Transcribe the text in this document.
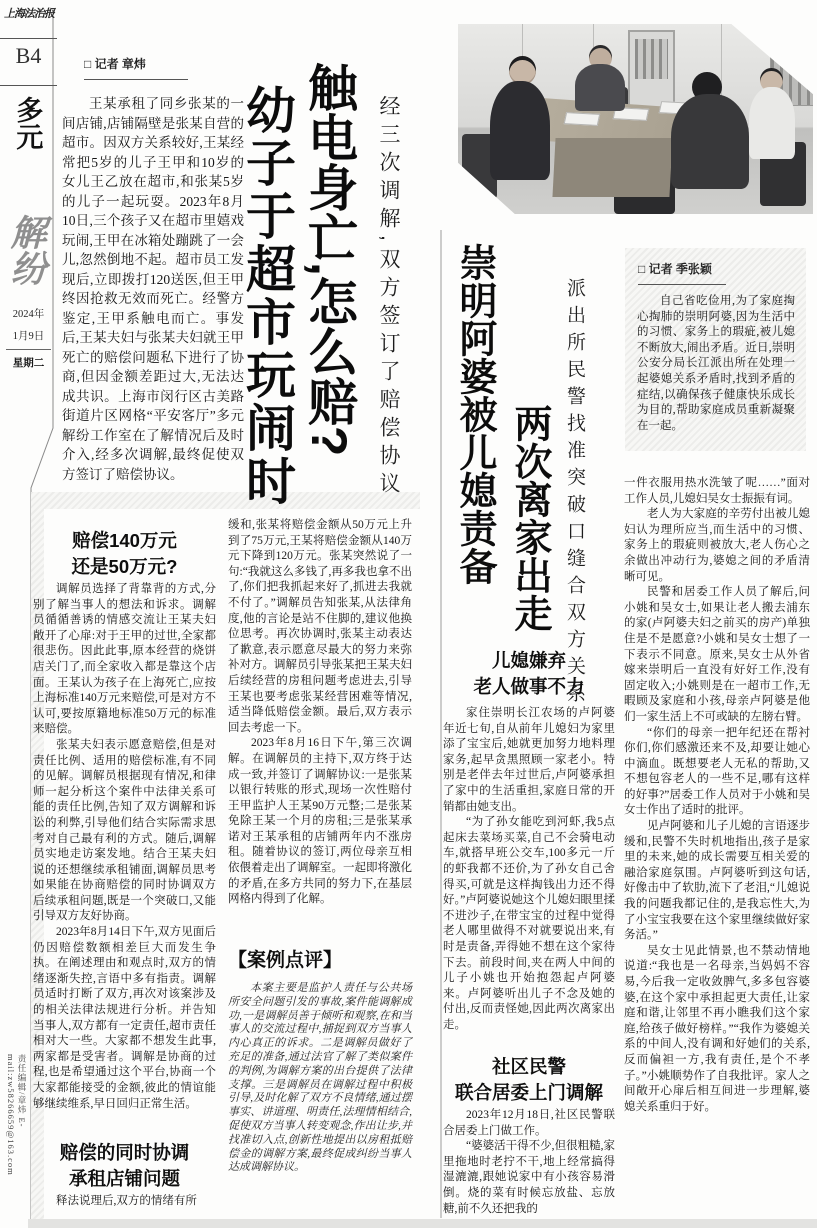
上海法治报
B4
多元
解纷
2024年
1月9日
星期二
责任编辑/章炜 E-mail:zw58266659@163.com
□ 记者 章炜

王某承租了同乡张某的一间店铺,店铺隔壁是张某自营的超市。因双方关系较好,王某经常把5岁的儿子王甲和10岁的女儿王乙放在超市,和张某5岁的儿子一起玩耍。2023年8月10日,三个孩子又在超市里嬉戏玩闹,王甲在冰箱处蹦跳了一会儿,忽然倒地不起。超市员工发现后,立即拨打120送医,但王甲终因抢救无效而死亡。经警方鉴定,王甲系触电而亡。事发后,王某夫妇与张某夫妇就王甲死亡的赔偿问题私下进行了协商,但因金额差距过大,无法达成共识。上海市闵行区古美路街道片区网格“平安客厅”多元解纷工作室在了解情况后及时介入,经多次调解,最终促使双方签订了赔偿协议。	幼子于超市玩闹时 触电身亡,怎么赔? 经三次调解,双方签订了赔偿协议
赔偿140万元
还是50万元?

调解员选择了背靠背的方式,分别了解当事人的想法和诉求。调解员循循善诱的情感交流让王某夫妇敞开了心扉:对于王甲的过世,全家都很悲伤。因此此事,原本经营的烧饼店关门了,而全家收入都是靠这个店面。王某认为孩子在上海死亡,应按上海标准140万元来赔偿,可是对方不认可,要按原籍地标准50万元的标准来赔偿。

张某夫妇表示愿意赔偿,但是对责任比例、适用的赔偿标准,有不同的见解。调解员根据现有情况,和律师一起分析这个案件中法律关系可能的责任比例,告知了双方调解和诉讼的利弊,引导他们结合实际需求思考对自己最有利的方式。随后,调解员实地走访案发地。结合王某夫妇说的还想继续承租铺面,调解员思考如果能在协商赔偿的同时协调双方后续承租问题,既是一个突破口,又能引导双方友好协商。

2023年8月14日下午,双方见面后仍因赔偿数额相差巨大而发生争执。在阐述理由和观点时,双方的情绪逐渐失控,言语中多有指责。调解员适时打断了双方,再次对该案涉及的相关法律法规进行分析。并告知当事人,双方都有一定责任,超市责任相对大一些。大家都不想发生此事,两家都是受害者。调解是协商的过程,也是希望通过这个平台,协商一个大家都能接受的金额,彼此的情谊能够继续维系,早日回归正常生活。

赔偿的同时协调
承租店铺问题

释法说理后,双方的情绪有所

缓和,张某将赔偿金额从50万元上升到了75万元,王某将赔偿金额从140万元下降到120万元。张某突然说了一句:“我就这么多钱了,再多我也拿不出了,你们把我抓起来好了,抓进去我就不付了。”调解员告知张某,从法律角度,他的言论是站不住脚的,建议他换位思考。再次协调时,张某主动表达了歉意,表示愿意尽最大的努力来弥补对方。调解员引导张某把王某夫妇后续经营的房租问题考虑进去,引导王某也要考虑张某经营困难等情况,适当降低赔偿金额。最后,双方表示回去考虑一下。

2023年8月16日下午,第三次调解。在调解员的主持下,双方终于达成一致,并签订了调解协议:一是张某以银行转账的形式,现场一次性赔付王甲监护人王某90万元整;二是张某免除王某一个月的房租;三是张某承诺对王某承租的店铺两年内不涨房租。随着协议的签订,两位母亲互相依偎着走出了调解室。一起即将激化的矛盾,在多方共同的努力下,在基层网格内得到了化解。

【案例点评】

本案主要是监护人责任与公共场所安全问题引发的事故,案件能调解成功,一是调解员善于倾听和观察,在和当事人的交流过程中,捕捉到双方当事人内心真正的诉求。二是调解员做好了充足的准备,通过法官了解了类似案件的判例,为调解方案的出台提供了法律支撑。三是调解员在调解过程中积极引导,及时化解了双方不良情绪,通过摆事实、讲道理、明责任,法理情相结合,促使双方当事人转变观念,作出让步,并找准切入点,创新性地提出以房租抵赔偿金的调解方案,最终促成纠纷当事人达成调解协议。

崇明阿婆被儿媳责备 两次离家出走 派出所民警找准突破口缝合双方关系
□ 记者 季张颖

自己省吃俭用,为了家庭掏心掏肺的崇明阿婆,因为生活中的习惯、家务上的瑕疵,被儿媳不断放大,闹出矛盾。近日,崇明公安分局长江派出所在处理一起婆媳关系矛盾时,找到矛盾的症结,以确保孩子健康快乐成长为目的,帮助家庭成员重新凝聚在一起。

儿媳嫌弃
老人做事不力

家住崇明长江农场的卢阿婆年近七旬,自从前年儿媳妇为家里添了宝宝后,她就更加努力地料理家务,起早贪黑照顾一家老小。特别是老伴去年过世后,卢阿婆承担了家中的生活重担,家庭日常的开销都由她支出。

“为了孙女能吃到河虾,我5点起床去菜场买菜,自己不会骑电动车,就搭早班公交车,100多元一斤的虾我都不还价,为了孙女自己舍得买,可就是这样掏钱出力还不得好。”卢阿婆说她这个儿媳妇眼里揉不进沙子,在带宝宝的过程中觉得老人哪里做得不对就要说出来,有时是责备,弄得她不想在这个家待下去。前段时间,夹在两人中间的儿子小姚也开始抱怨起卢阿婆来。卢阿婆听出儿子不念及她的付出,反而责怪她,因此两次离家出走。

社区民警
联合居委上门调解

2023年12月18日,社区民警联合居委上门做工作。

“婆婆活干得不少,但很粗糙,家里拖地时老拧不干,地上经常搞得湿漉漉,跟她说家中有小孩容易滑倒。烧的菜有时候忘放盐、忘放糖,前不久还把我的

一件衣服用热水洗皱了呢……”面对工作人员,儿媳妇吴女士振振有词。

老人为大家庭的辛劳付出被儿媳妇认为理所应当,而生活中的习惯、家务上的瑕疵则被放大,老人伤心之余做出冲动行为,婆媳之间的矛盾清晰可见。

民警和居委工作人员了解后,问小姚和吴女士,如果让老人搬去浦东的家(卢阿婆夫妇之前买的房产)单独住是不是愿意?小姚和吴女士想了一下表示不同意。原来,吴女士从外省嫁来崇明后一直没有好好工作,没有固定收入;小姚则是在一超市工作,无暇顾及家庭和小孩,母亲卢阿婆是他们一家生活上不可或缺的左膀右臂。

“你们的母亲一把年纪还在帮衬你们,你们感激还来不及,却要让她心中滴血。既想要老人无私的帮助,又不想包容老人的一些不足,哪有这样的好事?”居委工作人员对于小姚和吴女士作出了适时的批评。

见卢阿婆和儿子儿媳的言语逐步缓和,民警不失时机地指出,孩子是家里的未来,她的成长需要互相关爱的融洽家庭氛围。卢阿婆听到这句话,好像击中了软肋,流下了老泪,“儿媳说我的问题我都记住的,是我忘性大,为了小宝宝我要在这个家里继续做好家务活。”

吴女士见此情景,也不禁动情地说道:“我也是一名母亲,当妈妈不容易,今后我一定收敛脾气,多多包容婆婆,在这个家中承担起更大责任,让家庭和谐,让邻里不再小瞧我们这个家庭,给孩子做好榜样。”“我作为婆媳关系的中间人,没有调和好她们的关系,反而偏袒一方,我有责任,是个不孝子。”小姚顺势作了自我批评。家人之间敞开心扉后相互间进一步理解,婆媳关系重归于好。
